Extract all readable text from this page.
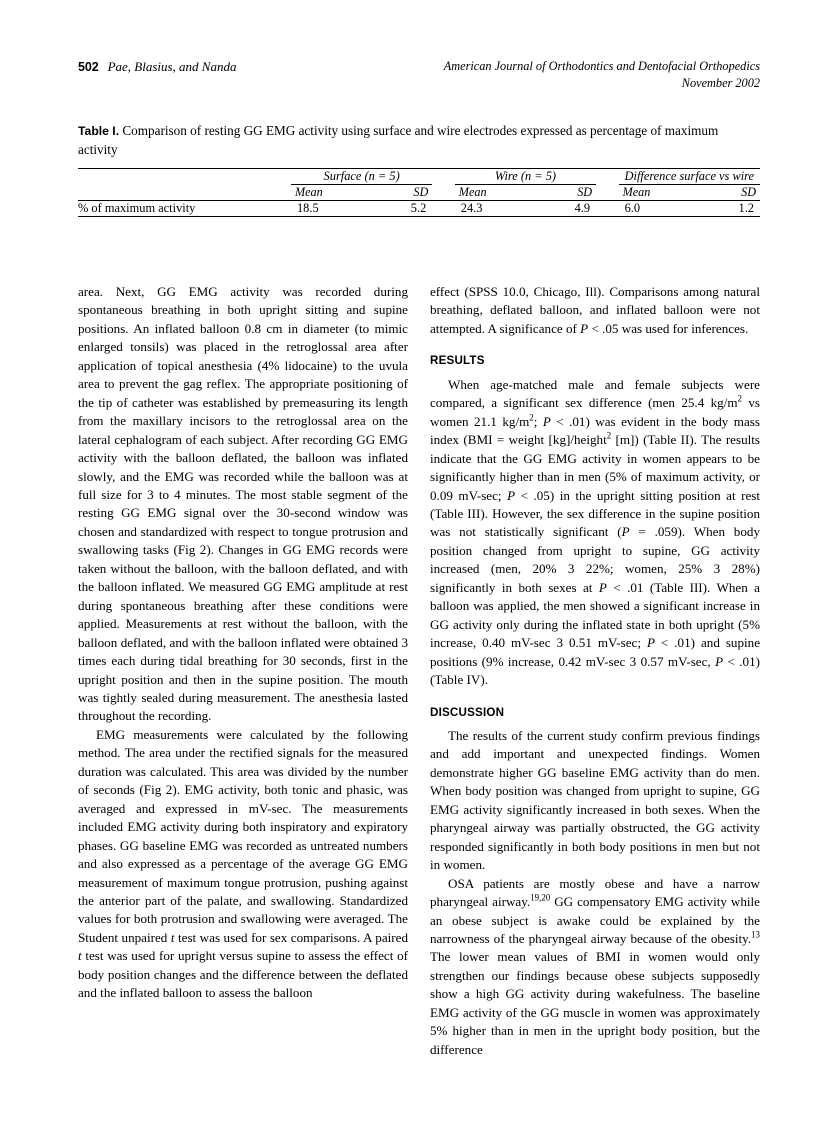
502 Pae, Blasius, and Nanda	American Journal of Orthodontics and Dentofacial Orthopedics
November 2002
Table I. Comparison of resting GG EMG activity using surface and wire electrodes expressed as percentage of maximum activity

	Surface (n = 5)			Wire (n = 5)			Difference surface vs wire	
	Mean	SD		Mean	SD		Mean	SD

% of maximum activity	18.5	5.2		24.3	4.9		6.0	1.2

area. Next, GG EMG activity was recorded during spontaneous breathing in both upright sitting and supine positions. An inflated balloon 0.8 cm in diameter (to mimic enlarged tonsils) was placed in the retroglossal area after application of topical anesthesia (4% lidocaine) to the uvula area to prevent the gag reflex. The appropriate positioning of the tip of catheter was established by premeasuring its length from the maxillary incisors to the retroglossal area on the lateral cephalogram of each subject. After recording GG EMG activity with the balloon deflated, the balloon was inflated slowly, and the EMG was recorded while the balloon was at full size for 3 to 4 minutes. The most stable segment of the resting GG EMG signal over the 30-second window was chosen and standardized with respect to tongue protrusion and swallowing tasks (Fig 2). Changes in GG EMG records were taken without the balloon, with the balloon deflated, and with the balloon inflated. We measured GG EMG amplitude at rest during spontaneous breathing after these conditions were applied. Measurements at rest without the balloon, with the balloon deflated, and with the balloon inflated were obtained 3 times each during tidal breathing for 30 seconds, first in the upright position and then in the supine position. The mouth was tightly sealed during measurement. The anesthesia lasted throughout the recording.

EMG measurements were calculated by the following method. The area under the rectified signals for the measured duration was calculated. This area was divided by the number of seconds (Fig 2). EMG activity, both tonic and phasic, was averaged and expressed in mV-sec. The measurements included EMG activity during both inspiratory and expiratory phases. GG baseline EMG was recorded as untreated numbers and also expressed as a percentage of the average GG EMG measurement of maximum tongue protrusion, pushing against the anterior part of the palate, and swallowing. Standardized values for both protrusion and swallowing were averaged. The Student unpaired t test was used for sex comparisons. A paired t test was used for upright versus supine to assess the effect of body position changes and the difference between the deflated and the inflated balloon to assess the balloon

effect (SPSS 10.0, Chicago, Ill). Comparisons among natural breathing, deflated balloon, and inflated balloon were not attempted. A significance of P < .05 was used for inferences.

RESULTS

When age-matched male and female subjects were compared, a significant sex difference (men 25.4 $kg/m^2$ vs women 21.1 $kg/m^2$; P < .01) was evident in the body mass index (BMI = weight [kg]/height$^2$ [m]) (Table II). The results indicate that the GG EMG activity in women appears to be significantly higher than in men (5% of maximum activity, or 0.09 mV-sec; P < .05) in the upright sitting position at rest (Table III). However, the sex difference in the supine position was not statistically significant (P = .059). When body position changed from upright to supine, GG activity increased (men, 20% 3 22%; women, 25% 3 28%) significantly in both sexes at P < .01 (Table III). When a balloon was applied, the men showed a significant increase in GG activity only during the inflated state in both upright (5% increase, 0.40 mV-sec 3 0.51 mV-sec; P < .01) and supine positions (9% increase, 0.42 mV-sec 3 0.57 mV-sec, P < .01) (Table IV).

DISCUSSION

The results of the current study confirm previous findings and add important and unexpected findings. Women demonstrate higher GG baseline EMG activity than do men. When body position was changed from upright to supine, GG EMG activity significantly increased in both sexes. When the pharyngeal airway was partially obstructed, the GG activity responded significantly in both body positions in men but not in women.

OSA patients are mostly obese and have a narrow pharyngeal airway.$^{19,20}$ GG compensatory EMG activity while an obese subject is awake could be explained by the narrowness of the pharyngeal airway because of the obesity.$^{13}$ The lower mean values of BMI in women would only strengthen our findings because obese subjects supposedly show a high GG activity during wakefulness. The baseline EMG activity of the GG muscle in women was approximately 5% higher than in men in the upright body position, but the difference
